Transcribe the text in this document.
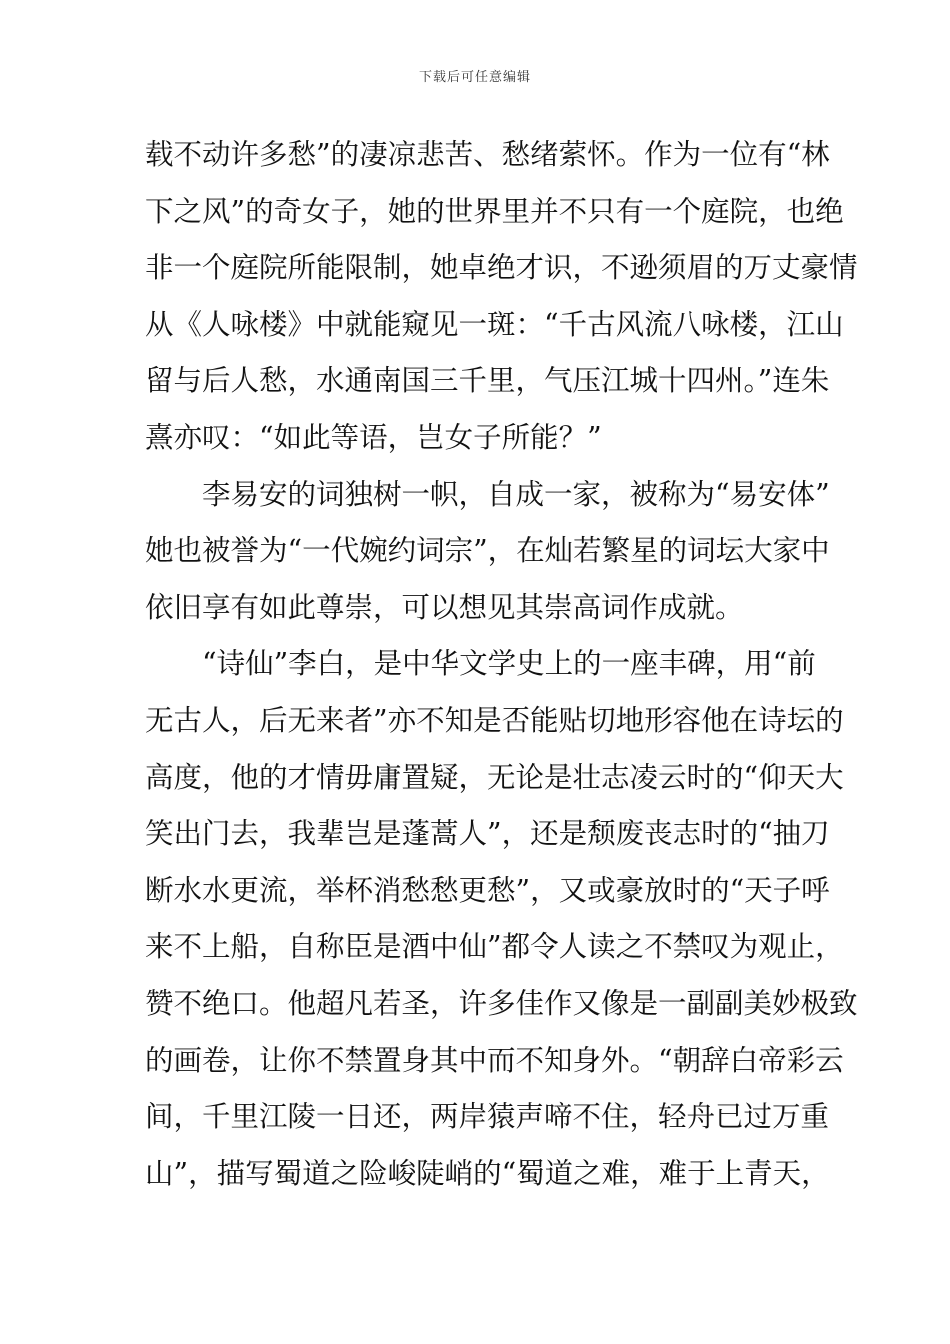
下载后可任意编辑
载不动许多愁”的凄凉悲苦、愁绪萦怀。作为一位有“林
下之风”的奇女子，她的世界里并不只有一个庭院，也绝
非一个庭院所能限制，她卓绝才识，不逊须眉的万丈豪情
从《人咏楼》中就能窥见一斑：“千古风流八咏楼，江山
留与后人愁，水通南国三千里，气压江城十四州。”连朱
熹亦叹：“如此等语，岂女子所能？”
李易安的词独树一帜，自成一家，被称为“易安体”
她也被誉为“一代婉约词宗”，在灿若繁星的词坛大家中
依旧享有如此尊崇，可以想见其崇高词作成就。
“诗仙”李白，是中华文学史上的一座丰碑，用“前
无古人，后无来者”亦不知是否能贴切地形容他在诗坛的
高度，他的才情毋庸置疑，无论是壮志凌云时的“仰天大
笑出门去，我辈岂是蓬蒿人”，还是颓废丧志时的“抽刀
断水水更流，举杯消愁愁更愁”，又或豪放时的“天子呼
来不上船，自称臣是酒中仙”都令人读之不禁叹为观止，
赞不绝口。他超凡若圣，许多佳作又像是一副副美妙极致
的画卷，让你不禁置身其中而不知身外。“朝辞白帝彩云
间，千里江陵一日还，两岸猿声啼不住，轻舟已过万重
山”，描写蜀道之险峻陡峭的“蜀道之难，难于上青天，
